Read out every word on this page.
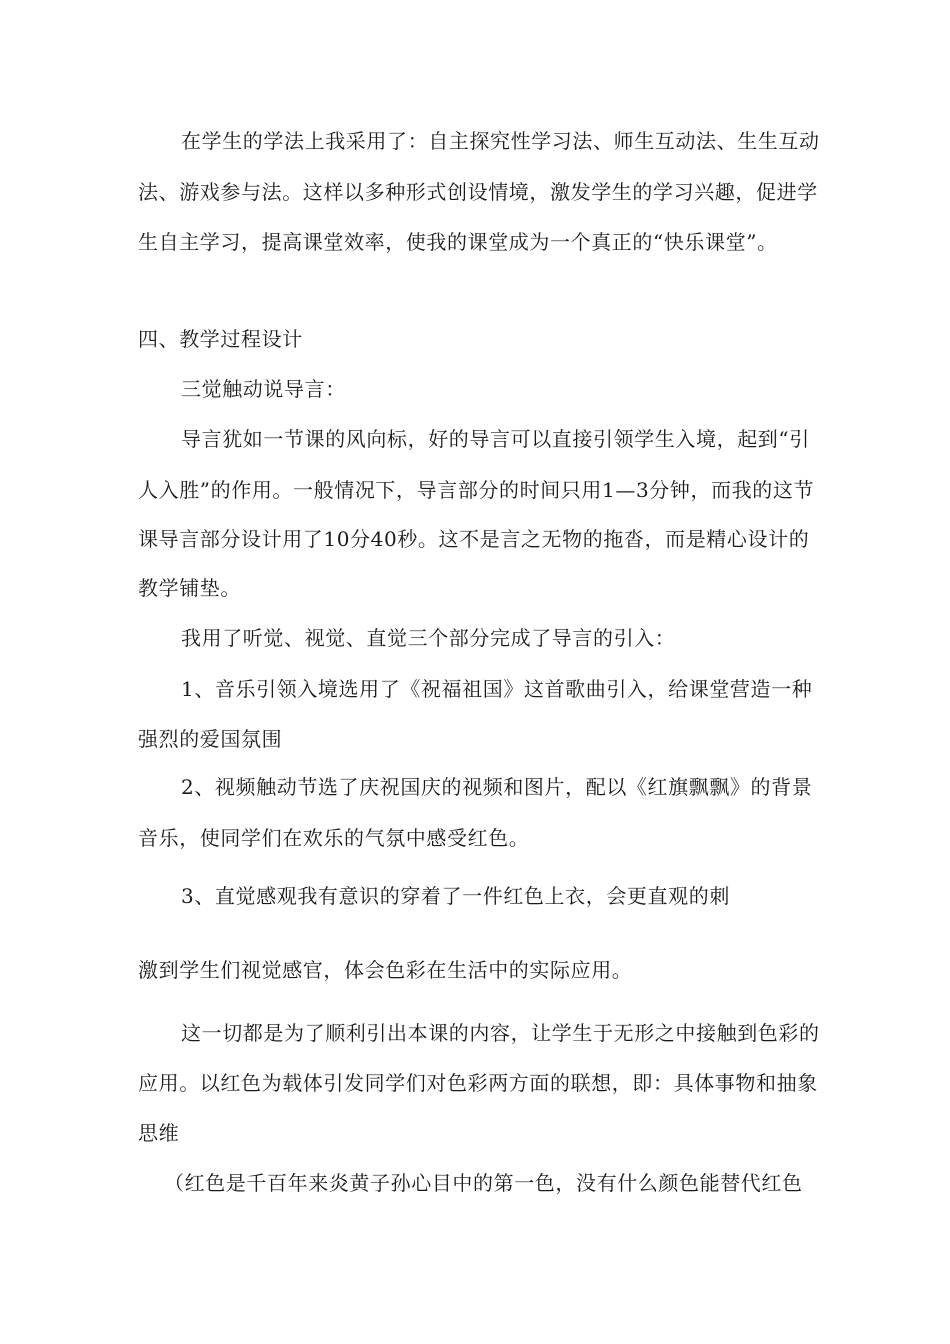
在学生的学法上我采用了：自主探究性学习法、师生互动法、生生互动
法、游戏参与法。这样以多种形式创设情境，激发学生的学习兴趣，促进学
生自主学习，提高课堂效率，使我的课堂成为一个真正的“快乐课堂”。
四、教学过程设计
三觉触动说导言：
导言犹如一节课的风向标，好的导言可以直接引领学生入境，起到“引
人入胜”的作用。一般情况下，导言部分的时间只用1—3分钟，而我的这节
课导言部分设计用了10分40秒。这不是言之无物的拖沓，而是精心设计的
教学铺垫。
我用了听觉、视觉、直觉三个部分完成了导言的引入：
1、音乐引领入境选用了《祝福祖国》这首歌曲引入，给课堂营造一种
强烈的爱国氛围
2、视频触动节选了庆祝国庆的视频和图片，配以《红旗飘飘》的背景
音乐，使同学们在欢乐的气氛中感受红色。
3、直觉感观我有意识的穿着了一件红色上衣，会更直观的刺
激到学生们视觉感官，体会色彩在生活中的实际应用。
这一切都是为了顺利引出本课的内容，让学生于无形之中接触到色彩的
应用。以红色为载体引发同学们对色彩两方面的联想，即：具体事物和抽象
思维
（红色是千百年来炎黄子孙心目中的第一色，没有什么颜色能替代红色
